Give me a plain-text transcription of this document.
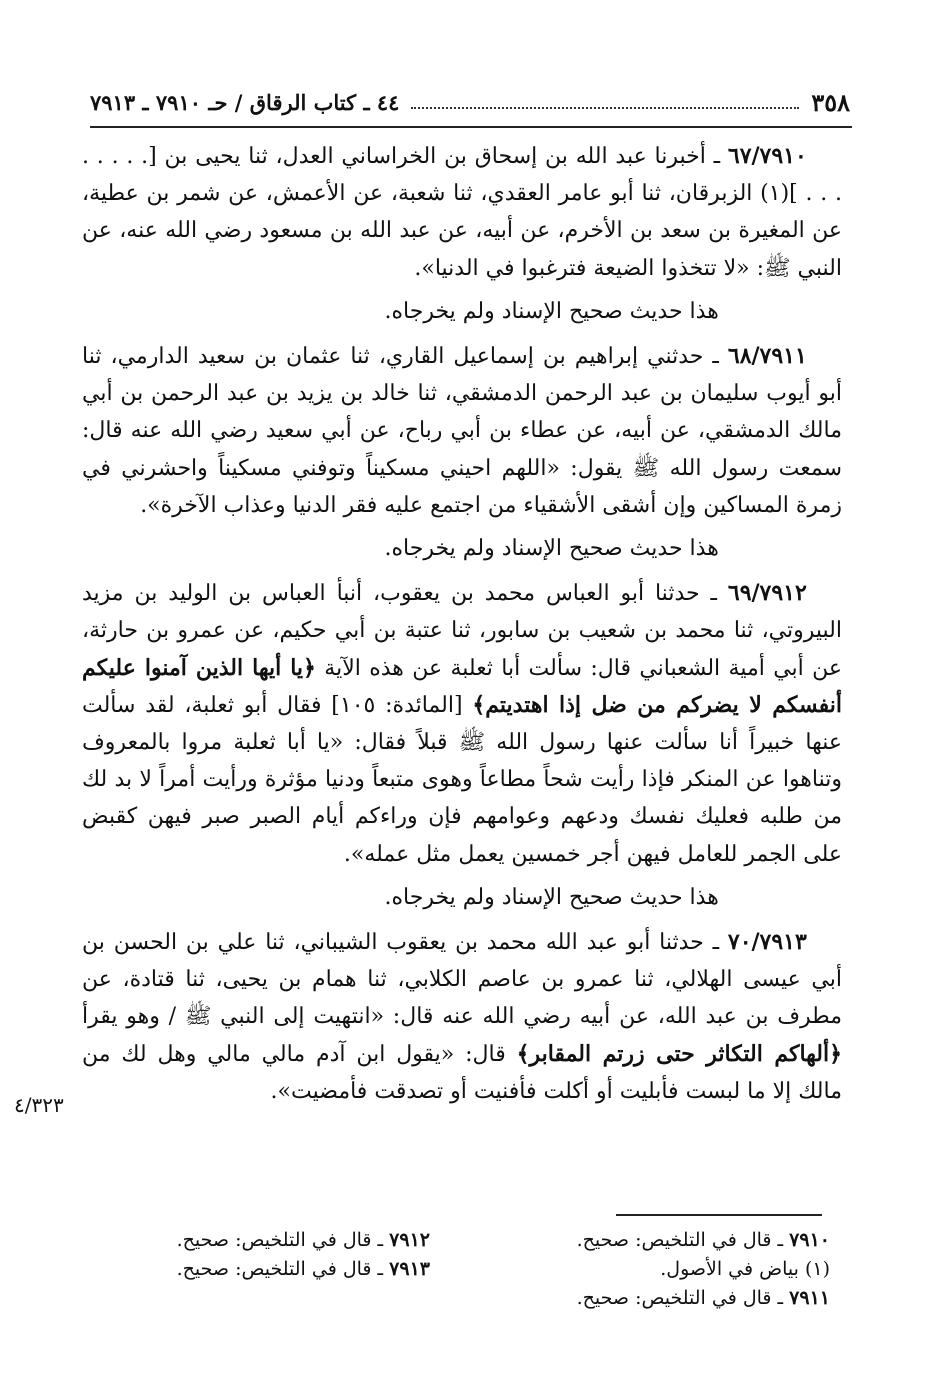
٣٥٨
٤٤ ـ كتاب الرقاق / حـ ٧٩١٠ ـ ٧٩١٣

٦٧/٧٩١٠ ـ أخبرنا عبد الله بن إسحاق بن الخراساني العدل، ثنا يحيى بن [. . . . . . . . ](١) الزبرقان، ثنا أبو عامر العقدي، ثنا شعبة، عن الأعمش، عن شمر بن عطية، عن المغيرة بن سعد بن الأخرم، عن أبيه، عن عبد الله بن مسعود رضي الله عنه، عن النبي ﷺ: «لا تتخذوا الضيعة فترغبوا في الدنيا».

هذا حديث صحيح الإسناد ولم يخرجاه.

٦٨/٧٩١١ ـ حدثني إبراهيم بن إسماعيل القاري، ثنا عثمان بن سعيد الدارمي، ثنا أبو أيوب سليمان بن عبد الرحمن الدمشقي، ثنا خالد بن يزيد بن عبد الرحمن بن أبي مالك الدمشقي، عن أبيه، عن عطاء بن أبي رباح، عن أبي سعيد رضي الله عنه قال: سمعت رسول الله ﷺ يقول: «اللهم احيني مسكيناً وتوفني مسكيناً واحشرني في زمرة المساكين وإن أشقى الأشقياء من اجتمع عليه فقر الدنيا وعذاب الآخرة».

هذا حديث صحيح الإسناد ولم يخرجاه.

٦٩/٧٩١٢ ـ حدثنا أبو العباس محمد بن يعقوب، أنبأ العباس بن الوليد بن مزيد البيروتي، ثنا محمد بن شعيب بن سابور، ثنا عتبة بن أبي حكيم، عن عمرو بن حارثة، عن أبي أمية الشعباني قال: سألت أبا ثعلبة عن هذه الآية ﴿يا أيها الذين آمنوا عليكم أنفسكم لا يضركم من ضل إذا اهتديتم﴾ [المائدة: ١٠٥] فقال أبو ثعلبة، لقد سألت عنها خبيراً أنا سألت عنها رسول الله ﷺ قبلاً فقال: «يا أبا ثعلبة مروا بالمعروف وتناهوا عن المنكر فإذا رأيت شحاً مطاعاً وهوى متبعاً ودنيا مؤثرة ورأيت أمراً لا بد لك من طلبه فعليك نفسك ودعهم وعوامهم فإن وراءكم أيام الصبر صبر فيهن كقبض على الجمر للعامل فيهن أجر خمسين يعمل مثل عمله».

هذا حديث صحيح الإسناد ولم يخرجاه.

٧٠/٧٩١٣ ـ حدثنا أبو عبد الله محمد بن يعقوب الشيباني، ثنا علي بن الحسن بن أبي عيسى الهلالي، ثنا عمرو بن عاصم الكلابي، ثنا همام بن يحيى، ثنا قتادة، عن مطرف بن عبد الله، عن أبيه رضي الله عنه قال: «انتهيت إلى النبي ﷺ / وهو يقرأ ﴿ألهاكم التكاثر حتى زرتم المقابر﴾ قال: «يقول ابن آدم مالي مالي وهل لك من مالك إلا ما لبست فأبليت أو أكلت فأفنيت أو تصدقت فأمضيت».

٤/٣٢٣
٧٩١٠ ـ قال في التلخيص: صحيح.
(١) بياض في الأصول.
٧٩١١ ـ قال في التلخيص: صحيح.
٧٩١٢ ـ قال في التلخيص: صحيح.
٧٩١٣ ـ قال في التلخيص: صحيح.
